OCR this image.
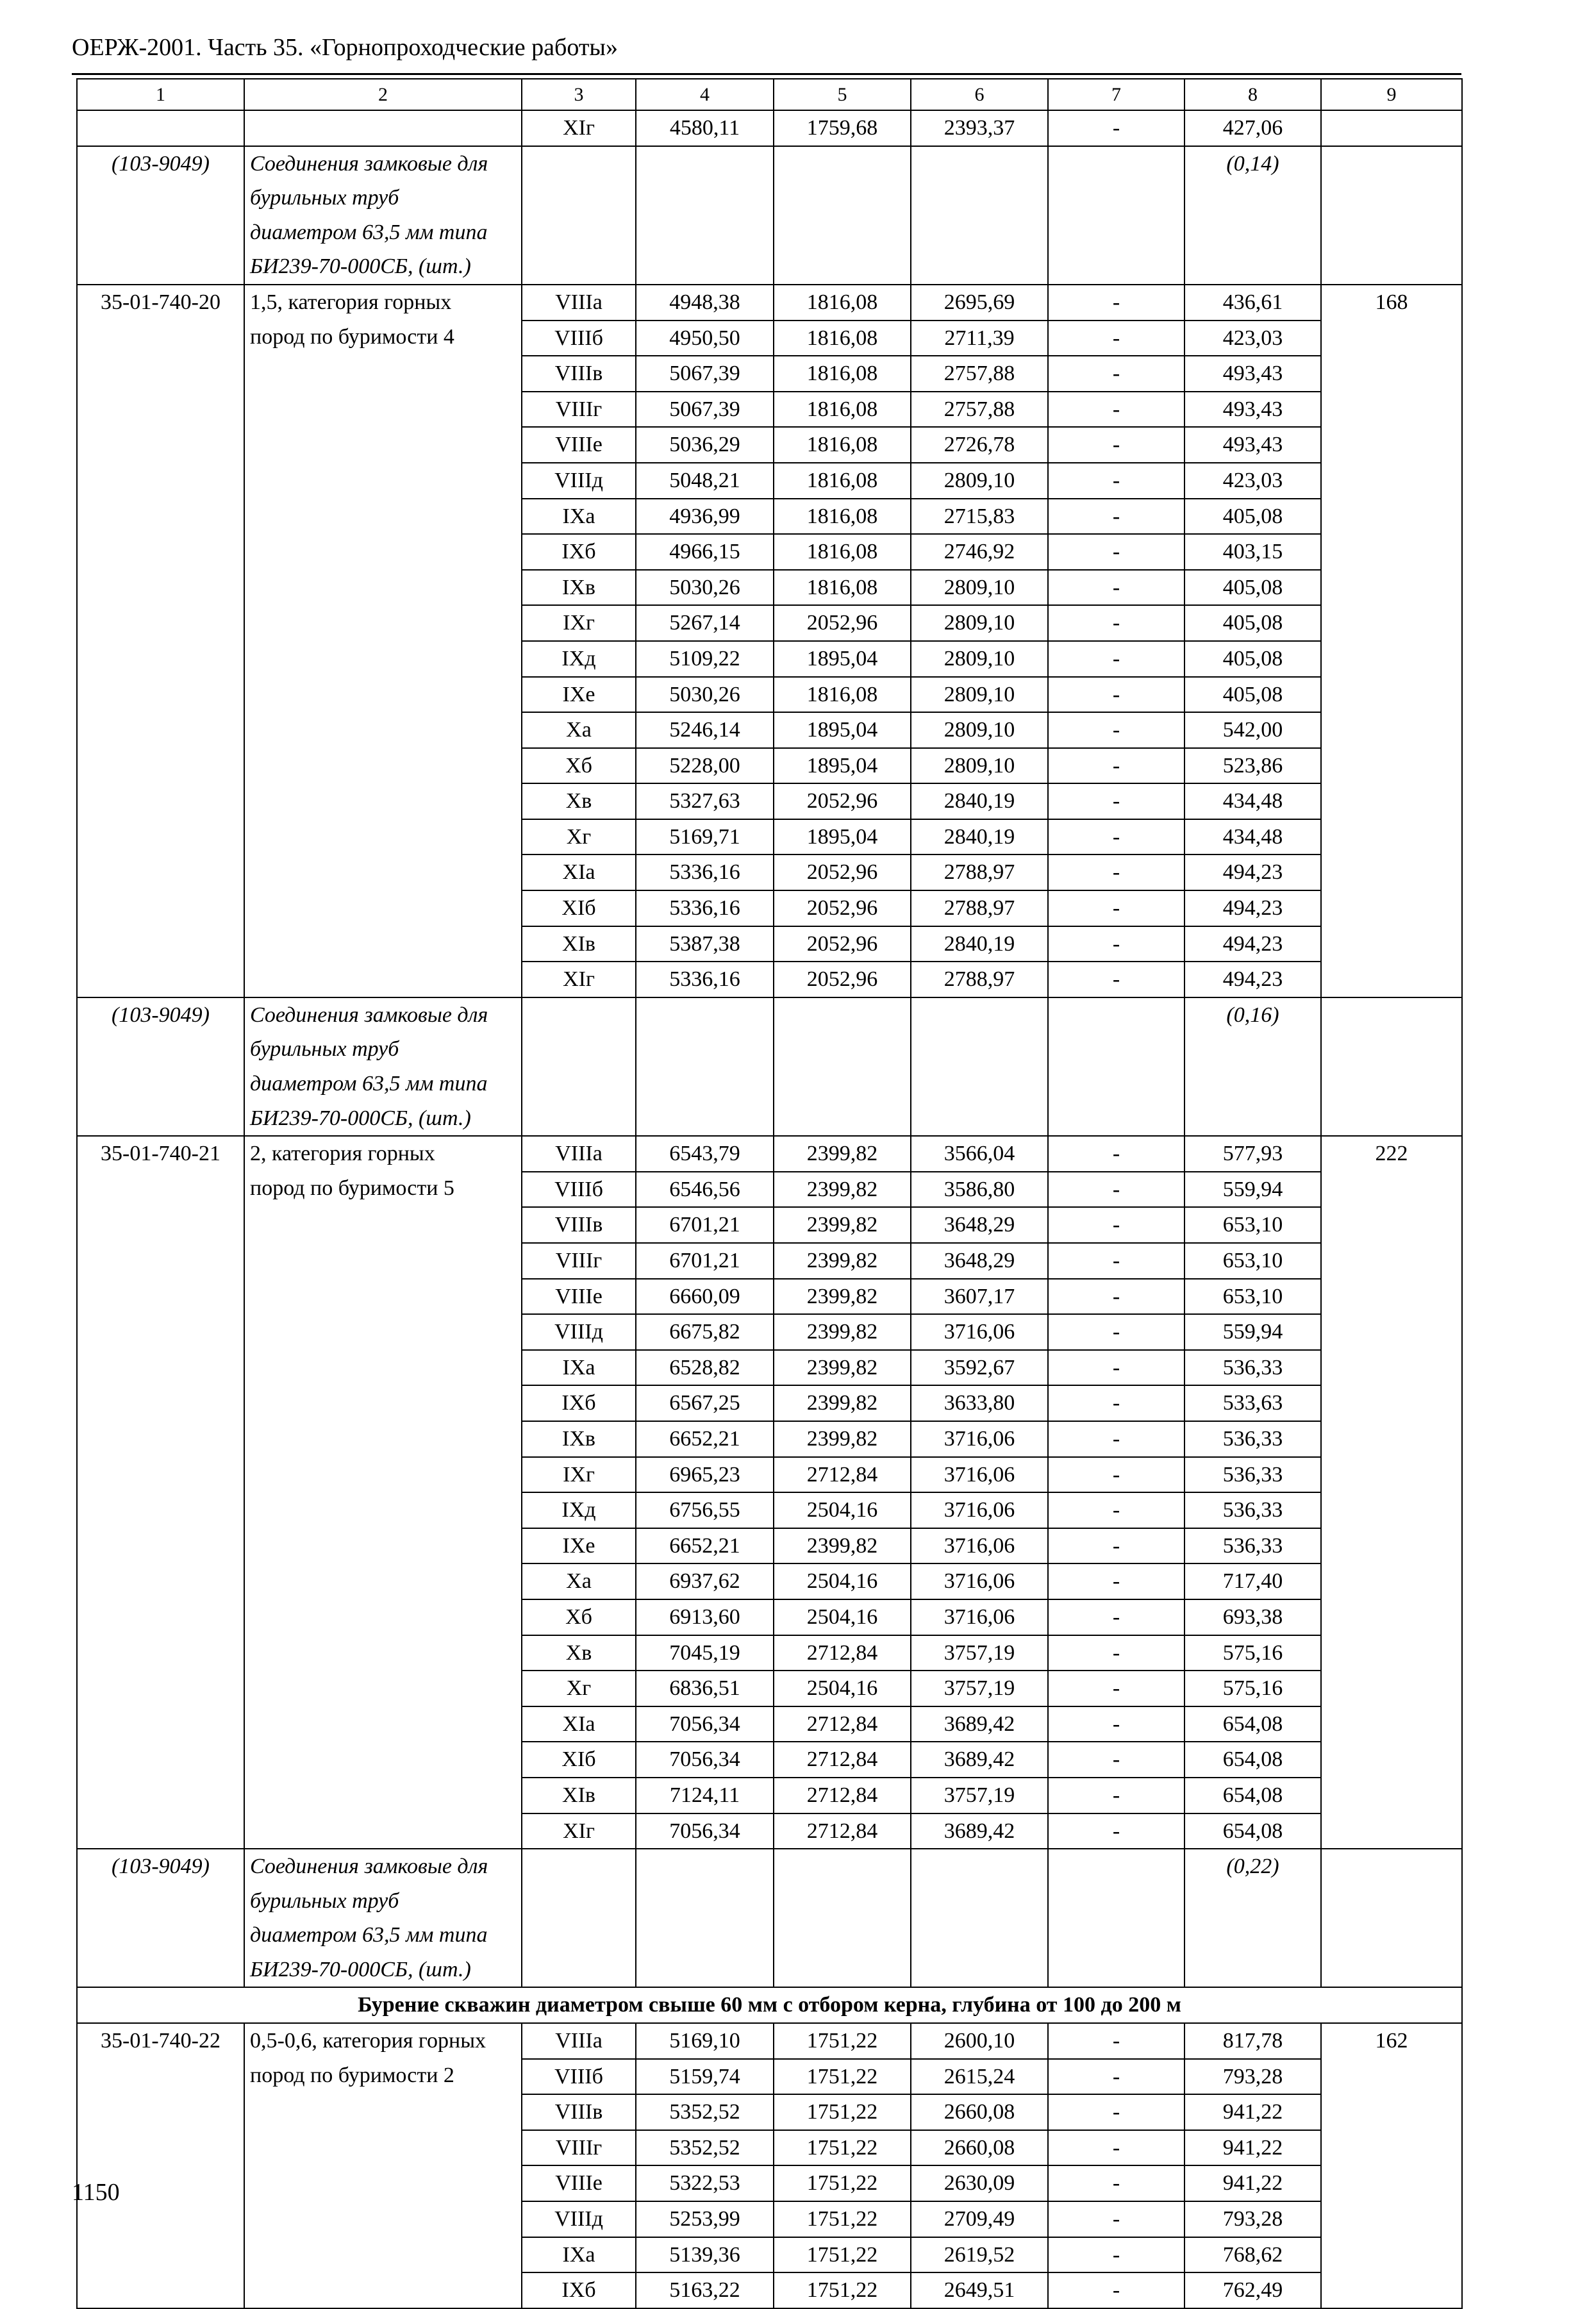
ОЕРЖ-2001. Часть 35. «Горнопроходческие работы»
1	2	3	4	5	6	7	8	9
		XIг	4580,11	1759,68	2393,37	-	427,06	
(103-9049)	Соединения замковые для
бурильных труб
диаметром 63,5 мм типа
БИ239-70-000СБ, (шт.)						(0,14)	
35-01-740-20	1,5, категория горных
пород по буримости 4	VIIIа	4948,38	1816,08	2695,69	-	436,61	168
		VIIIб	4950,50	1816,08	2711,39	-	423,03	
		VIIIв	5067,39	1816,08	2757,88	-	493,43	
		VIIIг	5067,39	1816,08	2757,88	-	493,43	
		VIIIе	5036,29	1816,08	2726,78	-	493,43	
		VIIIд	5048,21	1816,08	2809,10	-	423,03	
		IXа	4936,99	1816,08	2715,83	-	405,08	
		IXб	4966,15	1816,08	2746,92	-	403,15	
		IXв	5030,26	1816,08	2809,10	-	405,08	
		IXг	5267,14	2052,96	2809,10	-	405,08	
		IXд	5109,22	1895,04	2809,10	-	405,08	
		IXе	5030,26	1816,08	2809,10	-	405,08	
		Xа	5246,14	1895,04	2809,10	-	542,00	
		Xб	5228,00	1895,04	2809,10	-	523,86	
		Xв	5327,63	2052,96	2840,19	-	434,48	
		Xг	5169,71	1895,04	2840,19	-	434,48	
		XIа	5336,16	2052,96	2788,97	-	494,23	
		XIб	5336,16	2052,96	2788,97	-	494,23	
		XIв	5387,38	2052,96	2840,19	-	494,23	
		XIг	5336,16	2052,96	2788,97	-	494,23	
(103-9049)	Соединения замковые для
бурильных труб
диаметром 63,5 мм типа
БИ239-70-000СБ, (шт.)						(0,16)	
35-01-740-21	2, категория горных
пород по буримости 5	VIIIа	6543,79	2399,82	3566,04	-	577,93	222
		VIIIб	6546,56	2399,82	3586,80	-	559,94	
		VIIIв	6701,21	2399,82	3648,29	-	653,10	
		VIIIг	6701,21	2399,82	3648,29	-	653,10	
		VIIIе	6660,09	2399,82	3607,17	-	653,10	
		VIIIд	6675,82	2399,82	3716,06	-	559,94	
		IXа	6528,82	2399,82	3592,67	-	536,33	
		IXб	6567,25	2399,82	3633,80	-	533,63	
		IXв	6652,21	2399,82	3716,06	-	536,33	
		IXг	6965,23	2712,84	3716,06	-	536,33	
		IXд	6756,55	2504,16	3716,06	-	536,33	
		IXе	6652,21	2399,82	3716,06	-	536,33	
		Xа	6937,62	2504,16	3716,06	-	717,40	
		Xб	6913,60	2504,16	3716,06	-	693,38	
		Xв	7045,19	2712,84	3757,19	-	575,16	
		Xг	6836,51	2504,16	3757,19	-	575,16	
		XIа	7056,34	2712,84	3689,42	-	654,08	
		XIб	7056,34	2712,84	3689,42	-	654,08	
		XIв	7124,11	2712,84	3757,19	-	654,08	
		XIг	7056,34	2712,84	3689,42	-	654,08	
(103-9049)	Соединения замковые для
бурильных труб
диаметром 63,5 мм типа
БИ239-70-000СБ, (шт.)						(0,22)	
Бурение скважин диаметром свыше 60 мм с отбором керна, глубина от 100 до 200 м								
35-01-740-22	0,5-0,6, категория горных
пород по буримости 2	VIIIа	5169,10	1751,22	2600,10	-	817,78	162
		VIIIб	5159,74	1751,22	2615,24	-	793,28	
		VIIIв	5352,52	1751,22	2660,08	-	941,22	
		VIIIг	5352,52	1751,22	2660,08	-	941,22	
		VIIIе	5322,53	1751,22	2630,09	-	941,22	
		VIIIд	5253,99	1751,22	2709,49	-	793,28	
		IXа	5139,36	1751,22	2619,52	-	768,62	
		IXб	5163,22	1751,22	2649,51	-	762,49	
1150
